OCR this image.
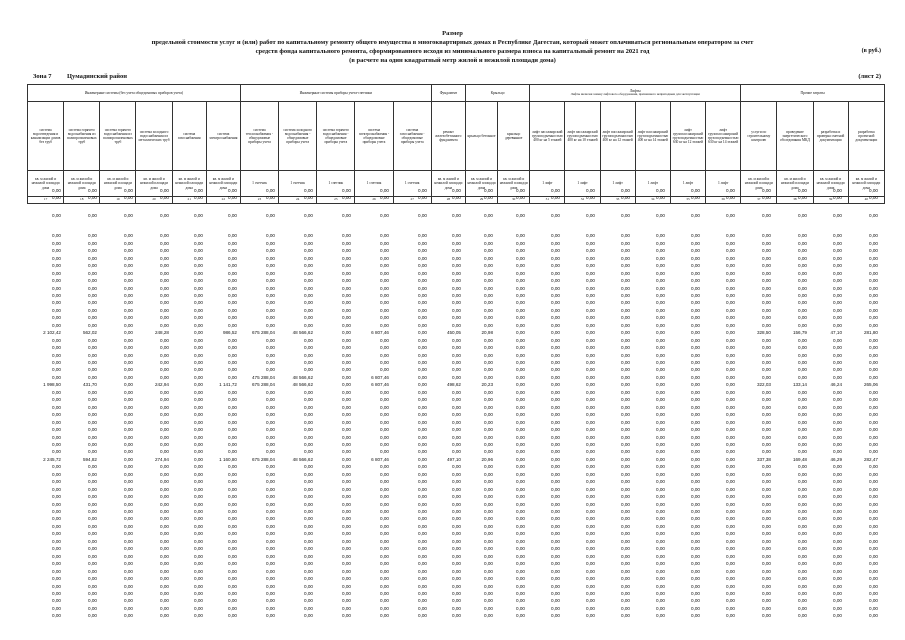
Размер
предельной стоимости услуг и (или) работ по капитальному ремонту общего имущества в многоквартирных домах в Республике Дагестан, который может оплачиваться региональным оператором за счет
средств фонда капитального ремонта, сформированного исходя из минимального размера взноса на капитальный ремонт на 2021 год
(в расчете на один квадратный метр жилой и нежилой площади дома)
(в руб.)
Зона 7 Цумадинский район	(лист 2)
Инженерные системы (без учета общедомовых приборов учета)						Инженерные системы приборы учета-счетчики					Фундамент	Крыльцо		Лифты
Лифты включая замену лифтового оборудования, признанного непригодным для эксплуатации						Прочие затраты			
система водоотведения и канализации домов без труб	система горячего водоснабжения из полипропиленовых труб	система горячего водоснабжения из полипропиленовых труб	система холодного водоснабжения из металлических труб	система газоснабжения	система электроснабжения	система теплоснабжения - общедомовые приборы учета	система холодного водоснабжения - общедомовые приборы учета	система горячего водоснабжения - общедомовые приборы учета	система электроснабжения - общедомовые приборы учета	система газоснабжения - общедомовые приборы учета	ремонт железобетонного фундамента	крыльцо бетонное	крыльцо деревянное	лифт пассажирский грузоподъемностью 400 кг на 5 этажей	лифт пассажирский грузоподъемностью 400 кг на 10 этажей	лифт пассажирский грузоподъемностью 400 кг на 12 этажей	лифт пассажирский грузоподъемностью 400 кг на 14 этажей	лифт грузопассажирский грузоподъемностью 630 кг на 12 этажей	лифт грузопассажирский грузоподъемностью 630 кг на 14 этажей	услуги по строительному контролю	проведение энергетического обследования МКД	разработка и проверка сметной документации	разработка проектной документации
кв. м жилой и нежилой площади дома	кв. м жилой и нежилой площади дома	кв. м жилой и нежилой площади дома	кв. м жилой и нежилой площади дома	кв. м жилой и нежилой площади дома	кв. м жилой и нежилой площади дома	1 счетчик	1 счетчик	1 счетчик	1 счетчик	1 счетчик	кв. м жилой и нежилой площади дома	кв. м жилой и нежилой площади дома	кв. м жилой и нежилой площади дома	1 лифт	1 лифт	1 лифт	1 лифт	1 лифт	1 лифт	кв. м жилой и нежилой площади дома	кв. м жилой и нежилой площади дома	кв. м жилой и нежилой площади дома	кв. м жилой и нежилой площади дома
17	18	19	20	21	22	23	24	25	26	27	28	29	30	31	32	33	34	35	36	37	38	39	40
0,00	0,00	0,00	0,00	0,00	0,00	0,00	0,00	0,00	0,00	0,00	0,00	0,00	0,00	0,00	0,00	0,00	0,00	0,00	0,00	0,00	0,00	0,00	0,00
0,00	0,00	0,00	0,00	0,00	0,00	0,00	0,00	0,00	0,00	0,00	0,00	0,00	0,00	0,00	0,00	0,00	0,00	0,00	0,00	0,00	0,00	0,00	0,00
0,00	0,00	0,00	0,00	0,00	0,00	0,00	0,00	0,00	0,00	0,00	0,00	0,00	0,00	0,00	0,00	0,00	0,00	0,00	0,00	0,00	0,00	0,00	0,00
0,00	0,00	0,00	0,00	0,00	0,00	0,00	0,00	0,00	0,00	0,00	0,00	0,00	0,00	0,00	0,00	0,00	0,00	0,00	0,00	0,00	0,00	0,00	0,00
0,00	0,00	0,00	0,00	0,00	0,00	0,00	0,00	0,00	0,00	0,00	0,00	0,00	0,00	0,00	0,00	0,00	0,00	0,00	0,00	0,00	0,00	0,00	0,00
0,00	0,00	0,00	0,00	0,00	0,00	0,00	0,00	0,00	0,00	0,00	0,00	0,00	0,00	0,00	0,00	0,00	0,00	0,00	0,00	0,00	0,00	0,00	0,00
0,00	0,00	0,00	0,00	0,00	0,00	0,00	0,00	0,00	0,00	0,00	0,00	0,00	0,00	0,00	0,00	0,00	0,00	0,00	0,00	0,00	0,00	0,00	0,00
0,00	0,00	0,00	0,00	0,00	0,00	0,00	0,00	0,00	0,00	0,00	0,00	0,00	0,00	0,00	0,00	0,00	0,00	0,00	0,00	0,00	0,00	0,00	0,00
0,00	0,00	0,00	0,00	0,00	0,00	0,00	0,00	0,00	0,00	0,00	0,00	0,00	0,00	0,00	0,00	0,00	0,00	0,00	0,00	0,00	0,00	0,00	0,00
0,00	0,00	0,00	0,00	0,00	0,00	0,00	0,00	0,00	0,00	0,00	0,00	0,00	0,00	0,00	0,00	0,00	0,00	0,00	0,00	0,00	0,00	0,00	0,00
0,00	0,00	0,00	0,00	0,00	0,00	0,00	0,00	0,00	0,00	0,00	0,00	0,00	0,00	0,00	0,00	0,00	0,00	0,00	0,00	0,00	0,00	0,00	0,00
0,00	0,00	0,00	0,00	0,00	0,00	0,00	0,00	0,00	0,00	0,00	0,00	0,00	0,00	0,00	0,00	0,00	0,00	0,00	0,00	0,00	0,00	0,00	0,00
0,00	0,00	0,00	0,00	0,00	0,00	0,00	0,00	0,00	0,00	0,00	0,00	0,00	0,00	0,00	0,00	0,00	0,00	0,00	0,00	0,00	0,00	0,00	0,00
0,00	0,00	0,00	0,00	0,00	0,00	0,00	0,00	0,00	0,00	0,00	0,00	0,00	0,00	0,00	0,00	0,00	0,00	0,00	0,00	0,00	0,00	0,00	0,00
0,00	0,00	0,00	0,00	0,00	0,00	0,00	0,00	0,00	0,00	0,00	0,00	0,00	0,00	0,00	0,00	0,00	0,00	0,00	0,00	0,00	0,00	0,00	0,00
0,00	0,00	0,00	0,00	0,00	0,00	0,00	0,00	0,00	0,00	0,00	0,00	0,00	0,00	0,00	0,00	0,00	0,00	0,00	0,00	0,00	0,00	0,00	0,00
2 102,42	562,02	0,00	248,28	0,00	986,52	675 288,04	48 566,62	0,00	6 807,46	0,00	450,05	20,98	0,00	0,00	0,00	0,00	0,00	0,00	0,00	328,50	156,79	47,10	281,80
0,00	0,00	0,00	0,00	0,00	0,00	0,00	0,00	0,00	0,00	0,00	0,00	0,00	0,00	0,00	0,00	0,00	0,00	0,00	0,00	0,00	0,00	0,00	0,00
0,00	0,00	0,00	0,00	0,00	0,00	0,00	0,00	0,00	0,00	0,00	0,00	0,00	0,00	0,00	0,00	0,00	0,00	0,00	0,00	0,00	0,00	0,00	0,00
0,00	0,00	0,00	0,00	0,00	0,00	0,00	0,00	0,00	0,00	0,00	0,00	0,00	0,00	0,00	0,00	0,00	0,00	0,00	0,00	0,00	0,00	0,00	0,00
0,00	0,00	0,00	0,00	0,00	0,00	0,00	0,00	0,00	0,00	0,00	0,00	0,00	0,00	0,00	0,00	0,00	0,00	0,00	0,00	0,00	0,00	0,00	0,00
0,00	0,00	0,00	0,00	0,00	0,00	0,00	0,00	0,00	0,00	0,00	0,00	0,00	0,00	0,00	0,00	0,00	0,00	0,00	0,00	0,00	0,00	0,00	0,00
0,00	0,00	0,00	0,00	0,00	0,00	475 288,04	48 566,62	0,00	6 807,46	0,00	0,00	0,00	0,00	0,00	0,00	0,00	0,00	0,00	0,00	0,00	0,00	0,00	0,00
1 998,50	431,70	0,00	242,94	0,00	1 141,72	675 288,04	48 566,62	0,00	6 807,46	0,00	498,62	20,23	0,00	0,00	0,00	0,00	0,00	0,00	0,00	322,03	133,14	46,24	265,06
0,00	0,00	0,00	0,00	0,00	0,00	0,00	0,00	0,00	0,00	0,00	0,00	0,00	0,00	0,00	0,00	0,00	0,00	0,00	0,00	0,00	0,00	0,00	0,00
0,00	0,00	0,00	0,00	0,00	0,00	0,00	0,00	0,00	0,00	0,00	0,00	0,00	0,00	0,00	0,00	0,00	0,00	0,00	0,00	0,00	0,00	0,00	0,00
0,00	0,00	0,00	0,00	0,00	0,00	0,00	0,00	0,00	0,00	0,00	0,00	0,00	0,00	0,00	0,00	0,00	0,00	0,00	0,00	0,00	0,00	0,00	0,00
0,00	0,00	0,00	0,00	0,00	0,00	0,00	0,00	0,00	0,00	0,00	0,00	0,00	0,00	0,00	0,00	0,00	0,00	0,00	0,00	0,00	0,00	0,00	0,00
0,00	0,00	0,00	0,00	0,00	0,00	0,00	0,00	0,00	0,00	0,00	0,00	0,00	0,00	0,00	0,00	0,00	0,00	0,00	0,00	0,00	0,00	0,00	0,00
0,00	0,00	0,00	0,00	0,00	0,00	0,00	0,00	0,00	0,00	0,00	0,00	0,00	0,00	0,00	0,00	0,00	0,00	0,00	0,00	0,00	0,00	0,00	0,00
0,00	0,00	0,00	0,00	0,00	0,00	0,00	0,00	0,00	0,00	0,00	0,00	0,00	0,00	0,00	0,00	0,00	0,00	0,00	0,00	0,00	0,00	0,00	0,00
0,00	0,00	0,00	0,00	0,00	0,00	0,00	0,00	0,00	0,00	0,00	0,00	0,00	0,00	0,00	0,00	0,00	0,00	0,00	0,00	0,00	0,00	0,00	0,00
0,00	0,00	0,00	0,00	0,00	0,00	0,00	0,00	0,00	0,00	0,00	0,00	0,00	0,00	0,00	0,00	0,00	0,00	0,00	0,00	0,00	0,00	0,00	0,00
2 245,72	594,82	0,00	274,94	0,00	1 160,80	675 288,04	48 566,62	0,00	6 807,46	0,00	497,10	20,96	0,00	0,00	0,00	0,00	0,00	0,00	0,00	337,38	169,48	46,29	282,47
0,00	0,00	0,00	0,00	0,00	0,00	0,00	0,00	0,00	0,00	0,00	0,00	0,00	0,00	0,00	0,00	0,00	0,00	0,00	0,00	0,00	0,00	0,00	0,00
0,00	0,00	0,00	0,00	0,00	0,00	0,00	0,00	0,00	0,00	0,00	0,00	0,00	0,00	0,00	0,00	0,00	0,00	0,00	0,00	0,00	0,00	0,00	0,00
0,00	0,00	0,00	0,00	0,00	0,00	0,00	0,00	0,00	0,00	0,00	0,00	0,00	0,00	0,00	0,00	0,00	0,00	0,00	0,00	0,00	0,00	0,00	0,00
0,00	0,00	0,00	0,00	0,00	0,00	0,00	0,00	0,00	0,00	0,00	0,00	0,00	0,00	0,00	0,00	0,00	0,00	0,00	0,00	0,00	0,00	0,00	0,00
0,00	0,00	0,00	0,00	0,00	0,00	0,00	0,00	0,00	0,00	0,00	0,00	0,00	0,00	0,00	0,00	0,00	0,00	0,00	0,00	0,00	0,00	0,00	0,00
0,00	0,00	0,00	0,00	0,00	0,00	0,00	0,00	0,00	0,00	0,00	0,00	0,00	0,00	0,00	0,00	0,00	0,00	0,00	0,00	0,00	0,00	0,00	0,00
0,00	0,00	0,00	0,00	0,00	0,00	0,00	0,00	0,00	0,00	0,00	0,00	0,00	0,00	0,00	0,00	0,00	0,00	0,00	0,00	0,00	0,00	0,00	0,00
0,00	0,00	0,00	0,00	0,00	0,00	0,00	0,00	0,00	0,00	0,00	0,00	0,00	0,00	0,00	0,00	0,00	0,00	0,00	0,00	0,00	0,00	0,00	0,00
0,00	0,00	0,00	0,00	0,00	0,00	0,00	0,00	0,00	0,00	0,00	0,00	0,00	0,00	0,00	0,00	0,00	0,00	0,00	0,00	0,00	0,00	0,00	0,00
0,00	0,00	0,00	0,00	0,00	0,00	0,00	0,00	0,00	0,00	0,00	0,00	0,00	0,00	0,00	0,00	0,00	0,00	0,00	0,00	0,00	0,00	0,00	0,00
0,00	0,00	0,00	0,00	0,00	0,00	0,00	0,00	0,00	0,00	0,00	0,00	0,00	0,00	0,00	0,00	0,00	0,00	0,00	0,00	0,00	0,00	0,00	0,00
0,00	0,00	0,00	0,00	0,00	0,00	0,00	0,00	0,00	0,00	0,00	0,00	0,00	0,00	0,00	0,00	0,00	0,00	0,00	0,00	0,00	0,00	0,00	0,00
0,00	0,00	0,00	0,00	0,00	0,00	0,00	0,00	0,00	0,00	0,00	0,00	0,00	0,00	0,00	0,00	0,00	0,00	0,00	0,00	0,00	0,00	0,00	0,00
0,00	0,00	0,00	0,00	0,00	0,00	0,00	0,00	0,00	0,00	0,00	0,00	0,00	0,00	0,00	0,00	0,00	0,00	0,00	0,00	0,00	0,00	0,00	0,00
0,00	0,00	0,00	0,00	0,00	0,00	0,00	0,00	0,00	0,00	0,00	0,00	0,00	0,00	0,00	0,00	0,00	0,00	0,00	0,00	0,00	0,00	0,00	0,00
0,00	0,00	0,00	0,00	0,00	0,00	0,00	0,00	0,00	0,00	0,00	0,00	0,00	0,00	0,00	0,00	0,00	0,00	0,00	0,00	0,00	0,00	0,00	0,00
0,00	0,00	0,00	0,00	0,00	0,00	0,00	0,00	0,00	0,00	0,00	0,00	0,00	0,00	0,00	0,00	0,00	0,00	0,00	0,00	0,00	0,00	0,00	0,00
0,00	0,00	0,00	0,00	0,00	0,00	0,00	0,00	0,00	0,00	0,00	0,00	0,00	0,00	0,00	0,00	0,00	0,00	0,00	0,00	0,00	0,00	0,00	0,00
0,00	0,00	0,00	0,00	0,00	0,00	0,00	0,00	0,00	0,00	0,00	0,00	0,00	0,00	0,00	0,00	0,00	0,00	0,00	0,00	0,00	0,00	0,00	0,00
0,00	0,00	0,00	0,00	0,00	0,00	0,00	0,00	0,00	0,00	0,00	0,00	0,00	0,00	0,00	0,00	0,00	0,00	0,00	0,00	0,00	0,00	0,00	0,00
0,00	0,00	0,00	0,00	0,00	0,00	0,00	0,00	0,00	0,00	0,00	0,00	0,00	0,00	0,00	0,00	0,00	0,00	0,00	0,00	0,00	0,00	0,00	0,00
